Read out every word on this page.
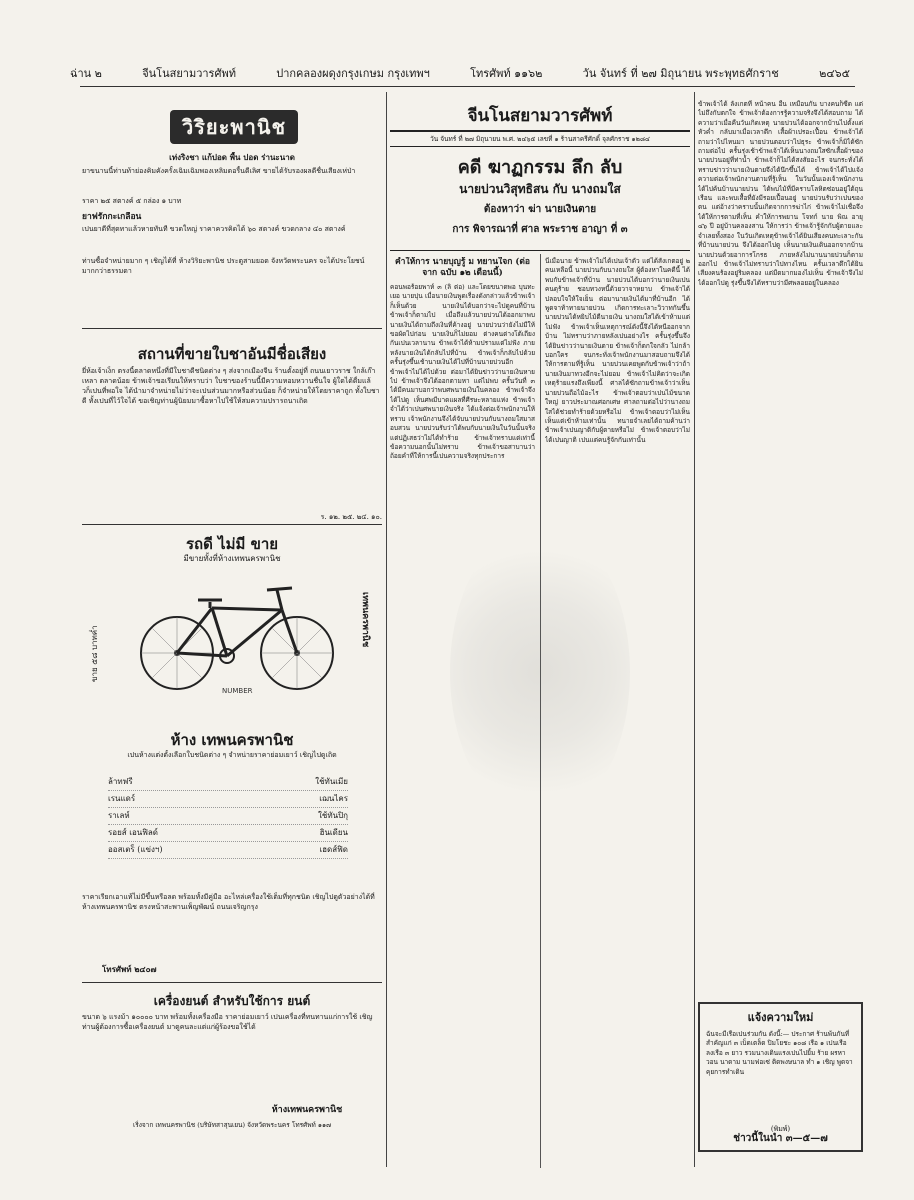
ฉ่าน ๒	จีนโนสยามวารศัพท์	ปากคลองผดุงกรุงเกษม กรุงเทพฯ	โทรศัพท์ ๑๑๖๒	วัน จันทร์ ที่ ๒๗ มิถุนายน พระพุทธศักราช	๒๔๖๕
วิริยะพานิช
เท่งริงชา แก้ปอด พื้น ปอด ร่านะนาด
ยาขนานนี้ท่านท้าย่องคิมคังครั้งเฉิมเฉิมพองเหลิมดอรื้นดีเลิศ ขายได้รับรองผลดีชื่นเสียงเห่ป่า
ราคา ๒๕ สตางค์ ๕ กล่อง ๑ บาท
ยาฟรักกะเกลื่อน
เปนยาดีที่สุดทาแล้วหายทันที ขวดใหญ่ ราคาควรคิดได้ ๖๐ สตางค์ ขวดกลาง ๔๐ สตางค์
ท่านซื้อจำหน่ายมาก ๆ เชิญได้ที่ ห้างวิริยะพานิช ประตูสามยอด จังหวัดพระนคร จะได้ประโยชน์มากกว่าธรรมดา
สถานที่ขายใบชาอันมีชื่อเสียง
ยี่ห้อเจ้าเง็ก ตรงนี้ตลาดหนึ่งที่มีใบชาดีชนิดต่าง ๆ ส่งจากเมืองจีน ร้านตั้งอยู่ที่ ถนนเยาวราช ใกล้เก๊าเหลา ตลาดน้อย ข้าพเจ้าขอเรียนให้ทราบว่า ใบชาของร้านนี้มีความหอมหวานชื่นใจ ผู้ใดได้ดื่มแล้วก็เปนที่พอใจ ได้นำมาจำหน่ายไม่ว่าจะเปนส่วนมากหรือส่วนน้อย ก็จำหน่ายให้โดยราคาถูก ทั้งใบชาดี ทั้งเปนที่ไว้ใจได้ ขอเชิญท่านผู้นิยมมาซื้อหาไปใช้ให้สมความปรารถนาเถิด
ร. ๑๒. ๒๕. ๒๔. ๑๐.
รถดี ไม่มี ขาย
มีขายทั้งที่ห้างเทพนครพานิช
ขาย ๕๘ บาทค่ำ
เทพนครพานิช
NUMBER
ห้าง เทพนครพานิช
เปนห้างแต่งตั้งเลือกใบชนิดต่าง ๆ จำหน่ายราคาย่อมเยาว์ เชิญไปดูเถิด
ล้าทฟรี	ใช้ทันเมีย
เรนแดร์	เฌนไคร
ราเลห์	ใช้ทันปิกุ
รอยส์ เอนฟิลด์	ฮินเดียน
ออสเตร็ (แข่งฯ)	เฮดส์ฟิด
ราคาเรียกเอาแท้ไม่มีขึ้นหรือลด พร้อมทั้งมีคู่มือ อะไหล่เครื่องใช้เต็มที่ทุกชนิด เชิญไปดูตัวอย่างได้ที่ ห้างเทพนครพานิช ตรงหน้าสะพานเพ็ญพัฒน์ ถนนเจริญกรุง
โทรศัพท์ ๒๔๐๗
เครื่องยนต์ สำหรับใช้การ ยนต์
ขนาด ๖ แรงม้า ๑๐๐๐๐ บาท พร้อมทั้งเครื่องมือ ราคาย่อมเยาว์ เปนเครื่องที่ทนทานแก่การใช้ เชิญท่านผู้ต้องการซื้อเครื่องยนต์ มาดูคนละแต่แก่ผู้ร้องขอใช้ได้
ห้างเทพนครพานิช
เริ่งจาก เทพนครพานิช (บริษัทสาสุนเยน) จังหวัดพระนคร โทรศัพท์ ๑๑๗
จีนโนสยามวารศัพท์
วัน จันทร์ ที่ ๒๗ มิถุนายน พ.ศ. ๒๔๖๕ เลขที่ ๑ ร้านสาครีศักดิ์ จุลศักราช ๑๒๘๔
คดี ฆาฏกรรม ลึก ลับ
นายบ่วนวิสุทธิสน กับ นางถมใส
ต้องหาว่า ฆ่า นายเงินตาย
การ พิจารณาที่ ศาล พระราช อาญา ที่ ๓
คำให้การ นายบุญรู้ ม ทยานใจก (ต่อ จาก ฉบับ ๑๒ เดือนนี้)
คอนพอร้อยพาห์ ๓ (ลิ ต่อ) และโดยขนาดพอ บุนทะเยอ นายบุ่น เมื่อนายเงินพูดเรื่องดังกล่าวแล้วข้าพเจ้าก็เห็นด้วย นายเงินได้บอกว่าจะไปดูคนที่บ้าน ข้าพเจ้าก็ตามไป เมื่อถึงแล้วนายบ่วนได้ออกมาพบ นายเงินได้ถามถึงเงินที่ค้างอยู่ นายบ่วนว่ายังไม่มีให้ ขอผัดไปก่อน นายเงินก็ไม่ยอม ต่างคนต่างโต้เถียงกันเปนเวลานาน ข้าพเจ้าได้ห้ามปรามแต่ไม่ฟัง ภายหลังนายเงินได้กลับไปที่บ้าน ข้าพเจ้าก็กลับไปด้วย ครั้นรุ่งขึ้นเช้านายเงินได้ไปที่บ้านนายบ่วนอีก ข้าพเจ้าไม่ได้ไปด้วย ต่อมาได้ยินข่าวว่านายเงินหายไป ข้าพเจ้าจึงได้ออกตามหา แต่ไม่พบ ครั้นวันที่ ๓ ได้มีคนมาบอกว่าพบศพนายเงินในคลอง ข้าพเจ้าจึงได้ไปดู เห็นศพมีบาดแผลที่ศีรษะหลายแห่ง ข้าพเจ้าจำได้ว่าเปนศพนายเงินจริง ได้แจ้งต่อเจ้าพนักงานให้ทราบ เจ้าพนักงานจึงได้จับนายบ่วนกับนางถมใสมาสอบสวน นายบ่วนรับว่าได้พบกับนายเงินในวันนั้นจริง แต่ปฏิเสธว่าไม่ได้ทำร้าย ข้าพเจ้าทราบแต่เท่านี้ ข้อความนอกนั้นไม่ทราบ ข้าพเจ้าขอสาบานว่าถ้อยคำที่ให้การนี้เปนความจริงทุกประการ
นี่เมื่อนาย ข้าพเจ้าไม่ได้เปนเจ้าตัว แต่ได้สังเกตอยู่ ๒ คนเหลือนี้ นายบ่วนกับนางถมใส ผู้ต้องหาในคดีนี้ ได้พบกับข้าพเจ้าที่บ้าน นายบ่วนได้บอกว่านายเงินเปนคนดุร้าย ชอบทวงหนี้ด้วยวาจาหยาบ ข้าพเจ้าได้ปลอบใจให้ใจเย็น ต่อมานายเงินได้มาที่บ้านอีก ได้พูดจาท้าทายนายบ่วน เกิดการทะเลาะวิวาทกันขึ้น นายบ่วนได้หยิบไม้ตีนายเงิน นางถมใสได้เข้าห้ามแต่ไม่ฟัง ข้าพเจ้าเห็นเหตุการณ์ดังนี้จึงได้หนีออกจากบ้าน ไม่ทราบว่าภายหลังเปนอย่างไร ครั้นรุ่งขึ้นจึงได้ยินข่าวว่านายเงินตาย ข้าพเจ้าก็ตกใจกลัว ไม่กล้าบอกใคร จนกระทั่งเจ้าพนักงานมาสอบถามจึงได้ให้การตามที่รู้เห็น นายบ่วนเคยพูดกับข้าพเจ้าว่าถ้านายเงินมาทวงอีกจะไม่ยอม ข้าพเจ้าไม่คิดว่าจะเกิดเหตุร้ายแรงถึงเพียงนี้ ศาลได้ซักถามข้าพเจ้าว่าเห็นนายบ่วนถือไม้อะไร ข้าพเจ้าตอบว่าเปนไม้ขนาดใหญ่ ยาวประมาณศอกเศษ ศาลถามต่อไปว่านางถมใสได้ช่วยทำร้ายด้วยหรือไม่ ข้าพเจ้าตอบว่าไม่เห็น เห็นแต่เข้าห้ามเท่านั้น ทนายจำเลยได้ถามค้านว่าข้าพเจ้าเปนญาติกับผู้ตายหรือไม่ ข้าพเจ้าตอบว่าไม่ได้เปนญาติ เปนแต่คนรู้จักกันเท่านั้น
ข้าพเจ้าได้ ลังเกตที่ หน้าคน อื่น เหมือนกัน บางคนก็ซีด แต่ไม่ถึงกับตกใจ ข้าพเจ้าต้องการรู้ความจริงจึงได้สอบถาม ได้ความว่าเมื่อคืนวันเกิดเหตุ นายบ่วนได้ออกจากบ้านไปตั้งแต่หัวค่ำ กลับมาเมื่อเวลาดึก เสื้อผ้าเปรอะเปื้อน ข้าพเจ้าได้ถามว่าไปไหนมา นายบ่วนตอบว่าไปธุระ ข้าพเจ้าก็มิได้ซักถามต่อไป ครั้นรุ่งเช้าข้าพเจ้าได้เห็นนางถมใสซักเสื้อผ้าของนายบ่วนอยู่ที่ท่าน้ำ ข้าพเจ้าก็ไม่ได้สงสัยอะไร จนกระทั่งได้ทราบข่าวว่านายเงินตายจึงได้นึกขึ้นได้ ข้าพเจ้าได้ไปแจ้งความต่อเจ้าพนักงานตามที่รู้เห็น ในวันนั้นเองเจ้าพนักงานได้ไปค้นบ้านนายบ่วน ได้พบไม้ที่มีคราบโลหิตซ่อนอยู่ใต้ถุนเรือน และพบเสื้อที่ยังมีรอยเปื้อนอยู่ นายบ่วนรับว่าเปนของตน แต่อ้างว่าคราบนั้นเกิดจากการฆ่าไก่ ข้าพเจ้าไม่เชื่อจึงได้ให้การตามที่เห็น คำให้การพยาน โจทก์ นาย พิณ อายุ ๔๖ ปี อยู่บ้านคลองสาน ให้การว่า ข้าพเจ้ารู้จักกับผู้ตายและจำเลยทั้งสอง ในวันเกิดเหตุข้าพเจ้าได้ยินเสียงคนทะเลาะกันที่บ้านนายบ่วน จึงได้ออกไปดู เห็นนายเงินเดินออกจากบ้านนายบ่วนด้วยอาการโกรธ ภายหลังไม่นานนายบ่วนก็ตามออกไป ข้าพเจ้าไม่ทราบว่าไปทางไหน ครั้นเวลาดึกได้ยินเสียงคนร้องอยู่ริมคลอง แต่มืดมากมองไม่เห็น ข้าพเจ้าจึงไม่ได้ออกไปดู รุ่งขึ้นจึงได้ทราบว่ามีศพลอยอยู่ในคลอง
แจ้งความใหม่
ฉันจะมีเรือเปนร่วมกัน ดังนี้:— ประกาศ ร้านพ้นกันที่สำคัญแก่ ๓ เบ็ดเตล็ด ปิมโยชะ ๑๐๘ เรือ ๑ เปนเรือ ลงเรือ ๓ ยาว รวมนางเดินแรงเปนไปยิ้ม ร้าย ผรหาวอน นาดาม นามฟอเซ่ ติดพงษนาล ทำ ๑ เชิญ พูดจาคุยการทำเดิน
(พิมพ์)
ช่าวนี้ในนำ ๓—๕—๗
